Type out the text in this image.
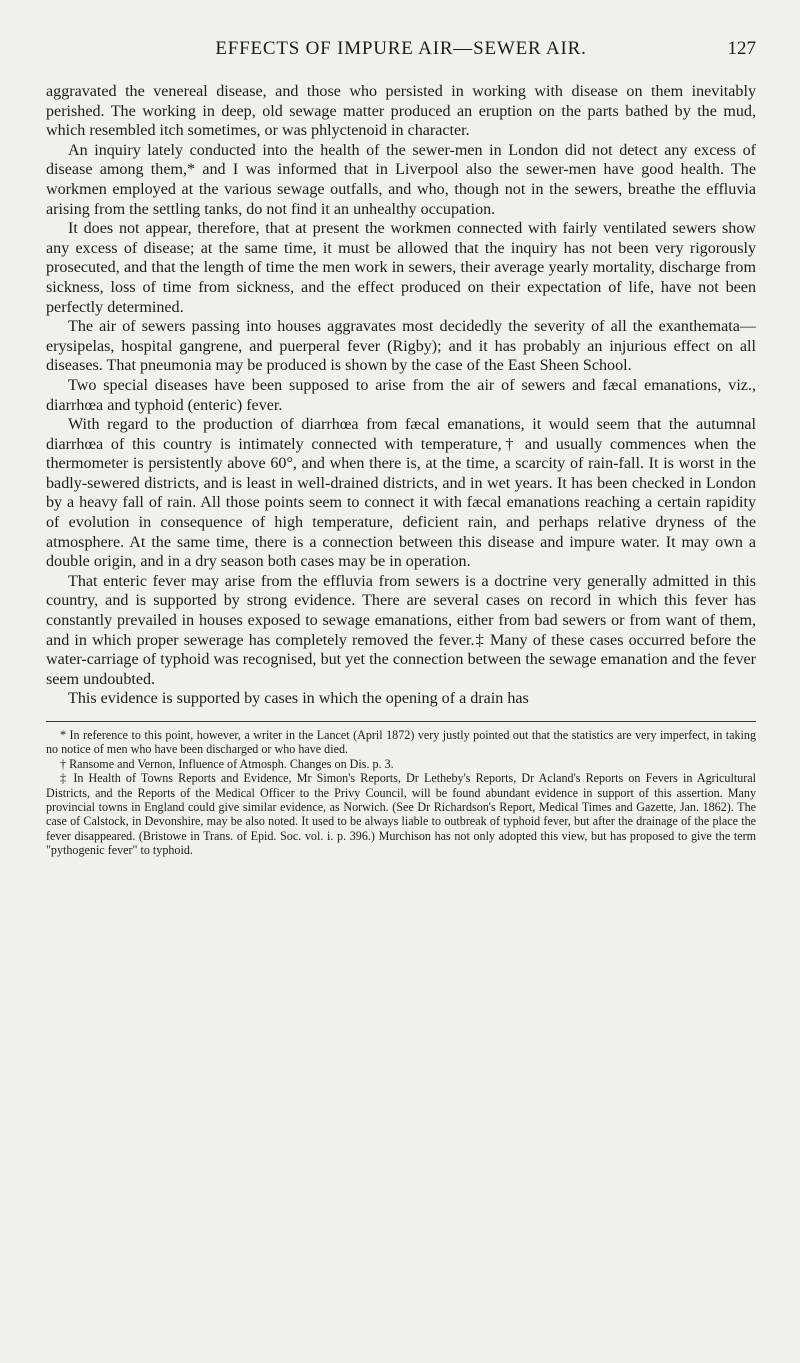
EFFECTS OF IMPURE AIR—SEWER AIR.	127

aggravated the venereal disease, and those who persisted in working with disease on them inevitably perished. The working in deep, old sewage matter produced an eruption on the parts bathed by the mud, which resembled itch sometimes, or was phlyctenoid in character.

An inquiry lately conducted into the health of the sewer-men in London did not detect any excess of disease among them,* and I was informed that in Liverpool also the sewer-men have good health. The workmen employed at the various sewage outfalls, and who, though not in the sewers, breathe the effluvia arising from the settling tanks, do not find it an unhealthy occupation.

It does not appear, therefore, that at present the workmen connected with fairly ventilated sewers show any excess of disease; at the same time, it must be allowed that the inquiry has not been very rigorously prosecuted, and that the length of time the men work in sewers, their average yearly mortality, discharge from sickness, loss of time from sickness, and the effect produced on their expectation of life, have not been perfectly determined.

The air of sewers passing into houses aggravates most decidedly the severity of all the exanthemata—erysipelas, hospital gangrene, and puerperal fever (Rigby); and it has probably an injurious effect on all diseases. That pneumonia may be produced is shown by the case of the East Sheen School.

Two special diseases have been supposed to arise from the air of sewers and fæcal emanations, viz., diarrhœa and typhoid (enteric) fever.

With regard to the production of diarrhœa from fæcal emanations, it would seem that the autumnal diarrhœa of this country is intimately connected with temperature,† and usually commences when the thermometer is persistently above 60°, and when there is, at the time, a scarcity of rain-fall. It is worst in the badly-sewered districts, and is least in well-drained districts, and in wet years. It has been checked in London by a heavy fall of rain. All those points seem to connect it with fæcal emanations reaching a certain rapidity of evolution in consequence of high temperature, deficient rain, and perhaps relative dryness of the atmosphere. At the same time, there is a connection between this disease and impure water. It may own a double origin, and in a dry season both cases may be in operation.

That enteric fever may arise from the effluvia from sewers is a doctrine very generally admitted in this country, and is supported by strong evidence. There are several cases on record in which this fever has constantly prevailed in houses exposed to sewage emanations, either from bad sewers or from want of them, and in which proper sewerage has completely removed the fever.‡ Many of these cases occurred before the water-carriage of typhoid was recognised, but yet the connection between the sewage emanation and the fever seem undoubted.

This evidence is supported by cases in which the opening of a drain has

* In reference to this point, however, a writer in the Lancet (April 1872) very justly pointed out that the statistics are very imperfect, in taking no notice of men who have been discharged or who have died.

† Ransome and Vernon, Influence of Atmosph. Changes on Dis. p. 3.

‡ In Health of Towns Reports and Evidence, Mr Simon's Reports, Dr Letheby's Reports, Dr Acland's Reports on Fevers in Agricultural Districts, and the Reports of the Medical Officer to the Privy Council, will be found abundant evidence in support of this assertion. Many provincial towns in England could give similar evidence, as Norwich. (See Dr Richardson's Report, Medical Times and Gazette, Jan. 1862). The case of Calstock, in Devonshire, may be also noted. It used to be always liable to outbreak of typhoid fever, but after the drainage of the place the fever disappeared. (Bristowe in Trans. of Epid. Soc. vol. i. p. 396.) Murchison has not only adopted this view, but has proposed to give the term "pythogenic fever" to typhoid.
